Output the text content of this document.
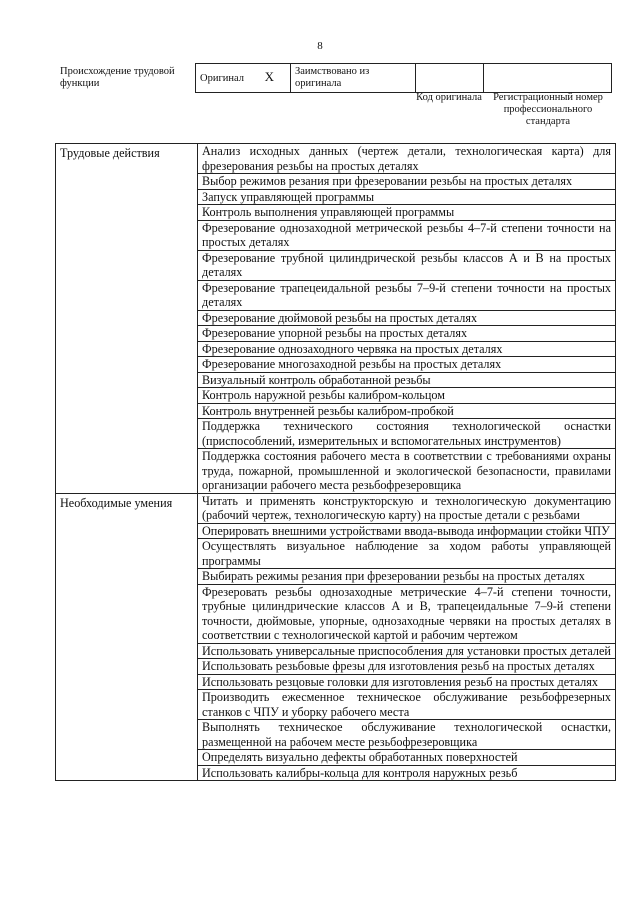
8
Происхождение трудовой функции	Оригинал X	Заимствовано из оригинала		
Код оригинала	Регистрационный номер профессионального стандарта
Трудовые действия	Анализ исходных данных (чертеж детали, технологическая карта) для фрезерования резьбы на простых деталях
	Выбор режимов резания при фрезеровании резьбы на простых деталях
	Запуск управляющей программы
	Контроль выполнения управляющей программы
	Фрезерование однозаходной метрической резьбы 4–7-й степени точности на простых деталях
	Фрезерование трубной цилиндрической резьбы классов А и В на простых деталях
	Фрезерование трапецеидальной резьбы 7–9-й степени точности на простых деталях
	Фрезерование дюймовой резьбы на простых деталях
	Фрезерование упорной резьбы на простых деталях
	Фрезерование однозаходного червяка на простых деталях
	Фрезерование многозаходной резьбы на простых деталях
	Визуальный контроль обработанной резьбы
	Контроль наружной резьбы калибром-кольцом
	Контроль внутренней резьбы калибром-пробкой
	Поддержка технического состояния технологической оснастки (приспособлений, измерительных и вспомогательных инструментов)
	Поддержка состояния рабочего места в соответствии с требованиями охраны труда, пожарной, промышленной и экологической безопасности, правилами организации рабочего места резьбофрезеровщика
Необходимые умения	Читать и применять конструкторскую и технологическую документацию (рабочий чертеж, технологическую карту) на простые детали с резьбами
	Оперировать внешними устройствами ввода-вывода информации стойки ЧПУ
	Осуществлять визуальное наблюдение за ходом работы управляющей программы
	Выбирать режимы резания при фрезеровании резьбы на простых деталях
	Фрезеровать резьбы однозаходные метрические 4–7-й степени точности, трубные цилиндрические классов А и В, трапецеидальные 7–9-й степени точности, дюймовые, упорные, однозаходные червяки на простых деталях в соответствии с технологической картой и рабочим чертежом
	Использовать универсальные приспособления для установки простых деталей
	Использовать резьбовые фрезы для изготовления резьб на простых деталях
	Использовать резцовые головки для изготовления резьб на простых деталях
	Производить ежесменное техническое обслуживание резьбофрезерных станков с ЧПУ и уборку рабочего места
	Выполнять техническое обслуживание технологической оснастки, размещенной на рабочем месте резьбофрезеровщика
	Определять визуально дефекты обработанных поверхностей
	Использовать калибры-кольца для контроля наружных резьб
